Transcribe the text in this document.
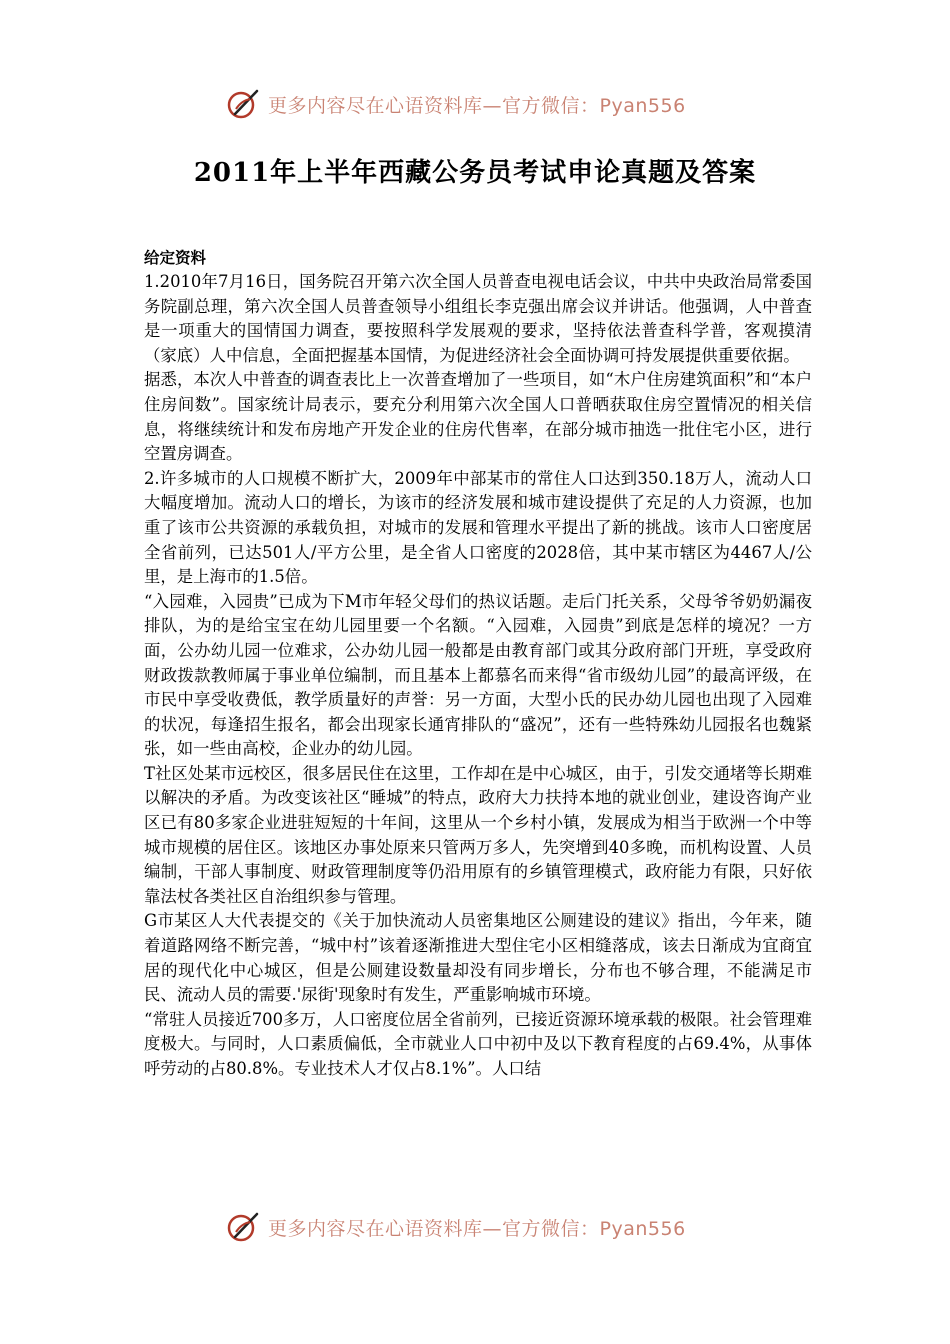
更多内容尽在心语资料库—官方微信：Pyan556
2011年上半年西藏公务员考试申论真题及答案
给定资料

1.2010年7月16日，国务院召开第六次全国人员普查电视电话会议，中共中央政治局常委国务院副总理，第六次全国人员普查领导小组组长李克强出席会议并讲话。他强调，人中普查是一项重大的国情国力调查，要按照科学发展观的要求，坚持依法普查科学普，客观摸清（家底）人中信息，全面把握基本国情，为促进经济社会全面协调可持发展提供重要依据。

据悉，本次人中普查的调查表比上一次普查增加了一些项目，如“木户住房建筑面积”和“本户住房间数”。国家统计局表示，要充分利用第六次全国人口普晒获取住房空置情况的相关信息，将继续统计和发布房地产开发企业的住房代售率，在部分城市抽选一批住宅小区，进行空置房调查。

2.许多城市的人口规模不断扩大，2009年中部某市的常住人口达到350.18万人，流动人口大幅度增加。流动人口的增长，为该市的经济发展和城市建设提供了充足的人力资源，也加重了该市公共资源的承载负担，对城市的发展和管理水平提出了新的挑战。该市人口密度居全省前列，已达501人/平方公里，是全省人口密度的2028倍，其中某市辖区为4467人/公里，是上海市的1.5倍。

“入园难，入园贵”已成为下M市年轻父母们的热议话题。走后门托关系，父母爷爷奶奶漏夜排队，为的是给宝宝在幼儿园里要一个名额。“入园难，入园贵”到底是怎样的境况？一方面，公办幼儿园一位难求，公办幼儿园一般都是由教育部门或其分政府部门开班，享受政府财政拨款教师属于事业单位编制，而且基本上都慕名而来得“省市级幼儿园”的最高评级，在市民中享受收费低，教学质量好的声誉：另一方面，大型小氏的民办幼儿园也出现了入园难的状况，每逢招生报名，都会出现家长通宵排队的“盛况”，还有一些特殊幼儿园报名也魏紧张，如一些由高校，企业办的幼儿园。

T社区处某市远校区，很多居民住在这里，工作却在是中心城区，由于，引发交通堵等长期难以解决的矛盾。为改变该社区“睡城”的特点，政府大力扶持本地的就业创业，建设咨询产业区已有80多家企业进驻短短的十年间，这里从一个乡村小镇，发展成为相当于欧洲一个中等城市规模的居住区。该地区办事处原来只管两万多人，先突增到40多晚，而机构设置、人员编制，干部人事制度、财政管理制度等仍沿用原有的乡镇管理模式，政府能力有限，只好依靠法杖各类社区自治组织参与管理。

G市某区人大代表提交的《关于加快流动人员密集地区公厕建设的建议》指出，今年来，随着道路网络不断完善，“城中村”该着逐渐推进大型住宅小区相缝落成，该去日渐成为宜商宜居的现代化中心城区，但是公厕建设数量却没有同步增长，分布也不够合理，不能满足市民、流动人员的需要.'尿街'现象时有发生，严重影响城市环境。

“常驻人员接近700多万，人口密度位居全省前列，已接近资源环境承载的极限。社会管理难度极大。与同时，人口素质偏低，全市就业人口中初中及以下教育程度的占69.4%，从事体呼劳动的占80.8%。专业技术人才仅占8.1%”。人口结

更多内容尽在心语资料库—官方微信：Pyan556
